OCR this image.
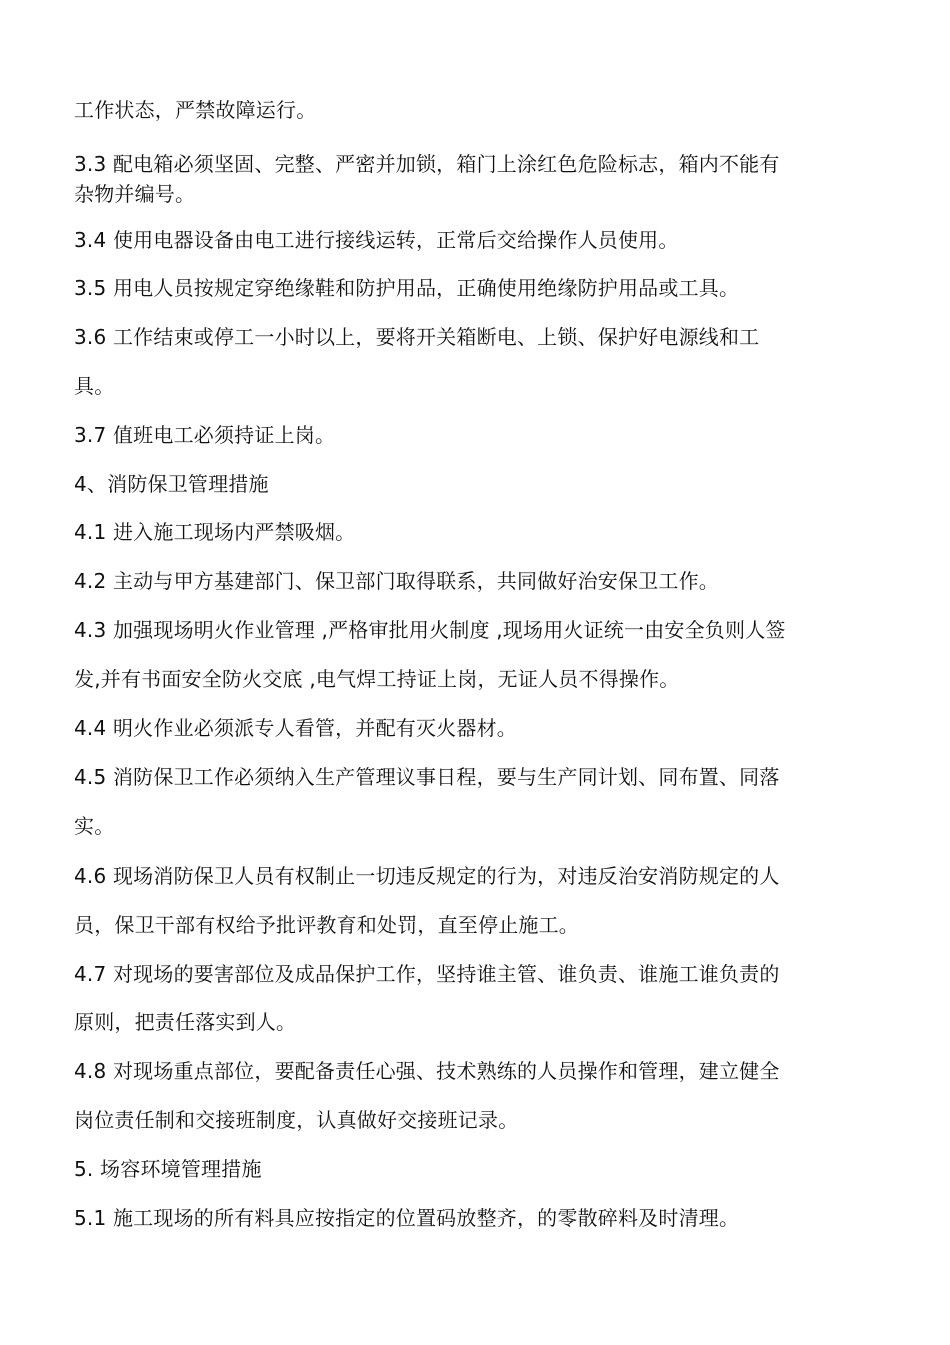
工作状态，严禁故障运行。
3.3 配电箱必须坚固、完整、严密并加锁，箱门上涂红色危险标志，箱内不能有
杂物并编号。
3.4 使用电器设备由电工进行接线运转，正常后交给操作人员使用。
3.5 用电人员按规定穿绝缘鞋和防护用品，正确使用绝缘防护用品或工具。
3.6 工作结束或停工一小时以上，要将开关箱断电、上锁、保护好电源线和工
具。
3.7 值班电工必须持证上岗。
4、消防保卫管理措施
4.1 进入施工现场内严禁吸烟。
4.2 主动与甲方基建部门、保卫部门取得联系，共同做好治安保卫工作。
4.3 加强现场明火作业管理 ,严格审批用火制度 ,现场用火证统一由安全负则人签
发,并有书面安全防火交底 ,电气焊工持证上岗，无证人员不得操作。
4.4 明火作业必须派专人看管，并配有灭火器材。
4.5 消防保卫工作必须纳入生产管理议事日程，要与生产同计划、同布置、同落
实。
4.6 现场消防保卫人员有权制止一切违反规定的行为，对违反治安消防规定的人
员，保卫干部有权给予批评教育和处罚，直至停止施工。
4.7 对现场的要害部位及成品保护工作，坚持谁主管、谁负责、谁施工谁负责的
原则，把责任落实到人。
4.8 对现场重点部位，要配备责任心强、技术熟练的人员操作和管理，建立健全
岗位责任制和交接班制度，认真做好交接班记录。
5. 场容环境管理措施
5.1 施工现场的所有料具应按指定的位置码放整齐，的零散碎料及时清理。
